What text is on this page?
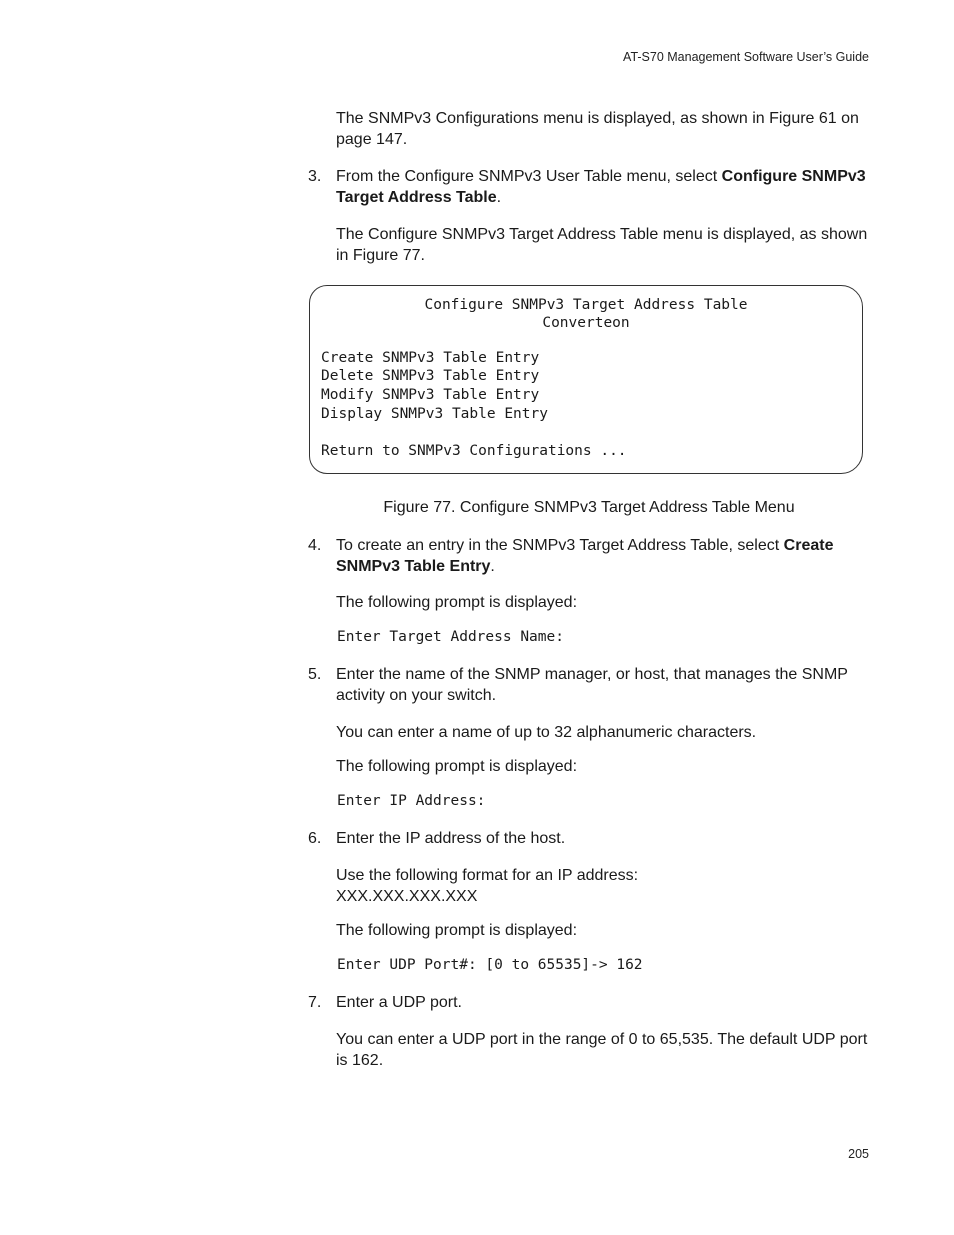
AT-S70 Management Software User’s Guide
The SNMPv3 Configurations menu is displayed, as shown in Figure 61 on page 147.
3. From the Configure SNMPv3 User Table menu, select Configure SNMPv3 Target Address Table.
The Configure SNMPv3 Target Address Table menu is displayed, as shown in Figure 77.
Configure SNMPv3 Target Address Table
Converteon
Create SNMPv3 Table Entry
Delete SNMPv3 Table Entry
Modify SNMPv3 Table Entry
Display SNMPv3 Table Entry
Return to SNMPv3 Configurations ...
Figure 77. Configure SNMPv3 Target Address Table Menu
4. To create an entry in the SNMPv3 Target Address Table, select Create SNMPv3 Table Entry.
The following prompt is displayed:
Enter Target Address Name:
5. Enter the name of the SNMP manager, or host, that manages the SNMP activity on your switch.
You can enter a name of up to 32 alphanumeric characters.
The following prompt is displayed:
Enter IP Address:
6. Enter the IP address of the host.
Use the following format for an IP address:
XXX.XXX.XXX.XXX
The following prompt is displayed:
Enter UDP Port#: [0 to 65535]-> 162
7. Enter a UDP port.
You can enter a UDP port in the range of 0 to 65,535. The default UDP port is 162.
205
